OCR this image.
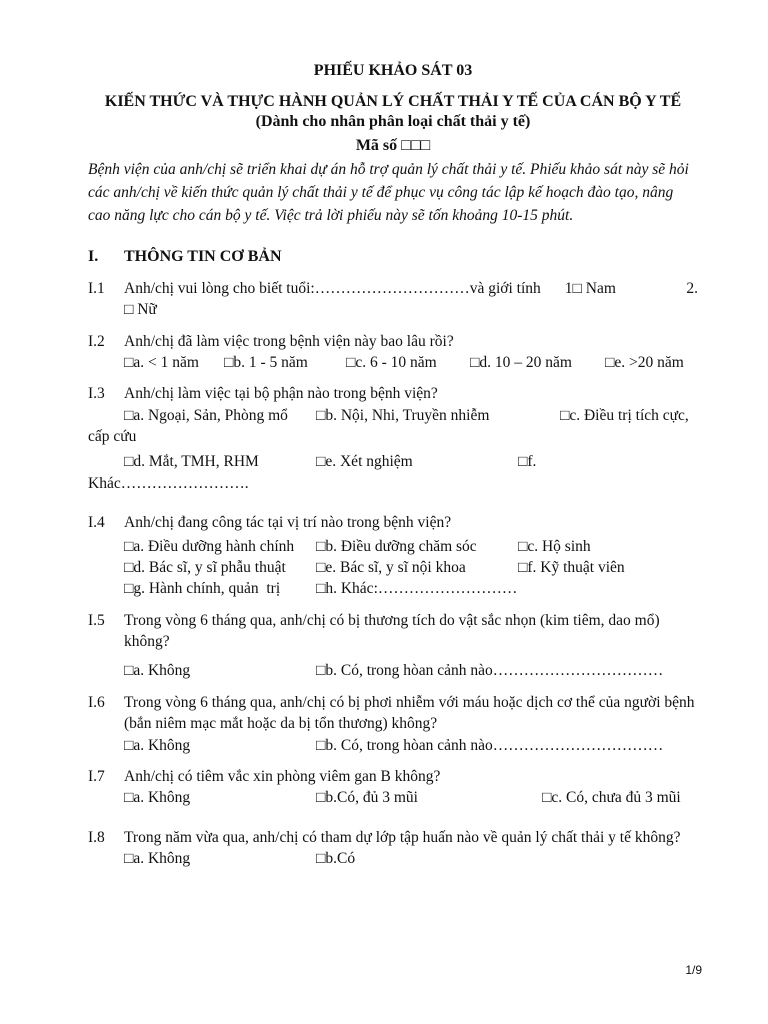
PHIẾU KHẢO SÁT 03
KIẾN THỨC VÀ THỰC HÀNH QUẢN LÝ CHẤT THẢI Y TẾ CỦA CÁN BỘ Y TẾ
(Dành cho nhân phân loại chất thải y tế)
Mã số □□□
Bệnh viện của anh/chị sẽ triển khai dự án hỗ trợ quản lý chất thải y tế. Phiếu khảo sát này sẽ hỏi các anh/chị về kiến thức quản lý chất thải y tế để phục vụ công tác lập kế hoạch đào tạo, nâng cao năng lực cho cán bộ y tế. Việc trả lời phiếu này sẽ tốn khoảng 10-15 phút.
I.	THÔNG TIN CƠ BẢN
I.1	Anh/chị vui lòng cho biết tuổi:…………………………và giới tính 1□ Nam	2.
□ Nữ
I.2	Anh/chị đã làm việc trong bệnh viện này bao lâu rồi?
□a. < 1 năm	□b. 1 - 5 năm	□c. 6 - 10 năm	□d. 10 – 20 năm	□e. >20 năm
I.3	Anh/chị làm việc tại bộ phận nào trong bệnh viện?
□a. Ngoại, Sản, Phòng mổ	□b. Nội, Nhi, Truyền nhiễm	□c. Điều trị tích cực,
cấp cứu
□d. Mắt, TMH, RHM	□e. Xét nghiệm	□f.
Khác…………………….
I.4	Anh/chị đang công tác tại vị trí nào trong bệnh viện?
□a. Điều dưỡng hành chính	□b. Điều dưỡng chăm sóc	□c. Hộ sinh
□d. Bác sĩ, y sĩ phẫu thuật	□e. Bác sĩ, y sĩ nội khoa	□f. Kỹ thuật viên
□g. Hành chính, quản  trị	□h. Khác:………………………
I.5	Trong vòng 6 tháng qua, anh/chị có bị thương tích do vật sắc nhọn (kim tiêm, dao mổ) không?
□a. Không	□b. Có, trong hòan cảnh nào……………………………
I.6	Trong vòng 6 tháng qua, anh/chị có bị phơi nhiễm với máu hoặc dịch cơ thể của người bệnh (bắn niêm mạc mắt hoặc da bị tổn thương) không?
□a. Không	□b. Có, trong hòan cảnh nào……………………………
I.7	Anh/chị có tiêm vắc xin phòng viêm gan B không?
□a. Không	□b.Có, đủ 3 mũi	□c. Có, chưa đủ 3 mũi
I.8	Trong năm vừa qua, anh/chị có tham dự lớp tập huấn nào về quản lý chất thải y tế không?
□a. Không	□b.Có
1/9
